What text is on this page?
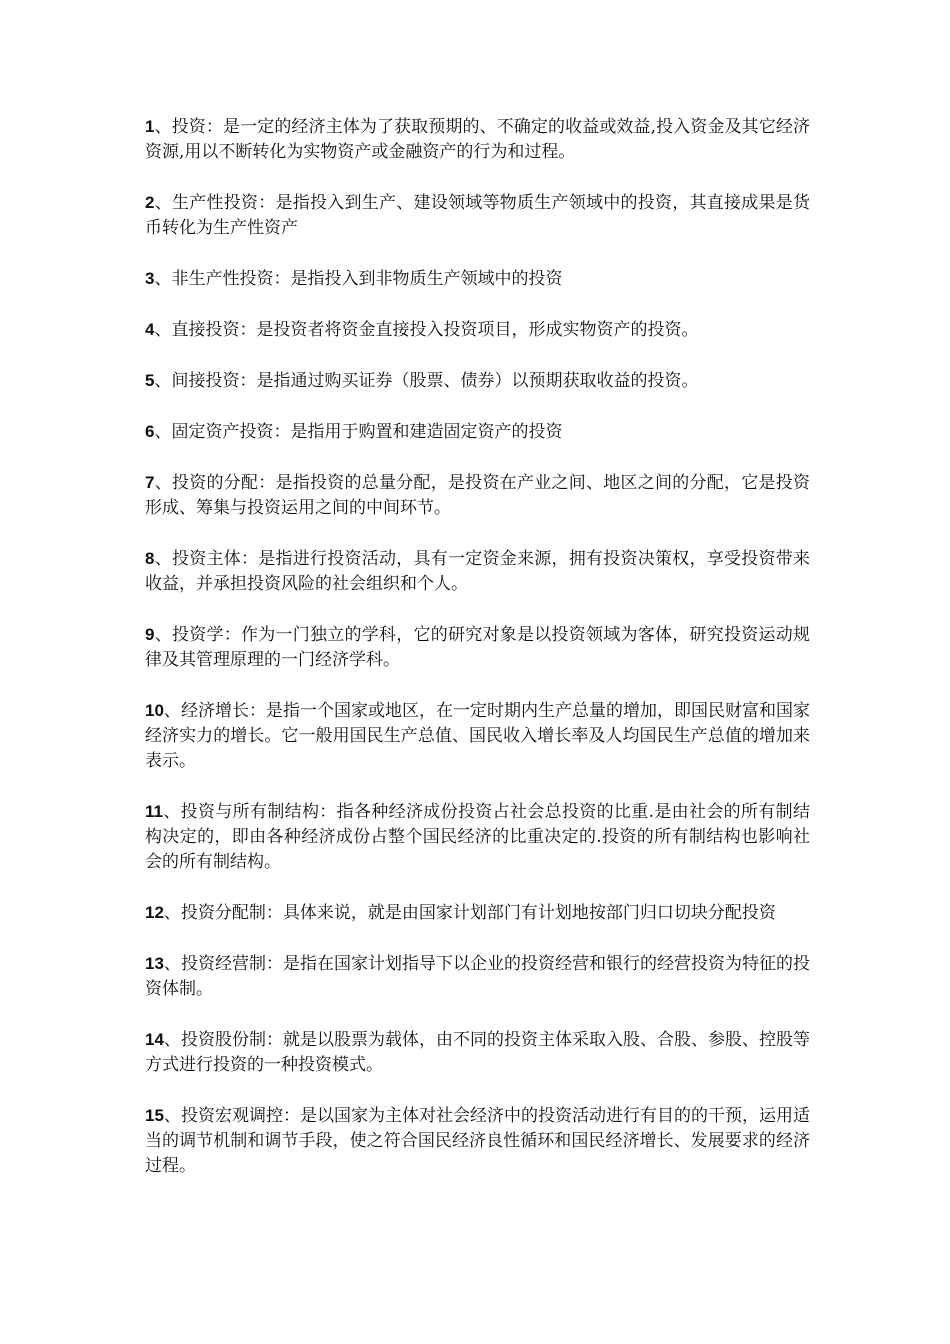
1、投资：是一定的经济主体为了获取预期的、不确定的收益或效益,投入资金及其它经济资源,用以不断转化为实物资产或金融资产的行为和过程。

2、生产性投资：是指投入到生产、建设领域等物质生产领域中的投资，其直接成果是货币转化为生产性资产

3、非生产性投资：是指投入到非物质生产领域中的投资

4、直接投资：是投资者将资金直接投入投资项目，形成实物资产的投资。

5、间接投资：是指通过购买证券（股票、债券）以预期获取收益的投资。

6、固定资产投资：是指用于购置和建造固定资产的投资

7、投资的分配：是指投资的总量分配，是投资在产业之间、地区之间的分配，它是投资形成、筹集与投资运用之间的中间环节。

8、投资主体：是指进行投资活动，具有一定资金来源，拥有投资决策权，享受投资带来收益，并承担投资风险的社会组织和个人。

9、投资学：作为一门独立的学科，它的研究对象是以投资领域为客体，研究投资运动规律及其管理原理的一门经济学科。

10、经济增长：是指一个国家或地区，在一定时期内生产总量的增加，即国民财富和国家经济实力的增长。它一般用国民生产总值、国民收入增长率及人均国民生产总值的增加来表示。

11、投资与所有制结构：指各种经济成份投资占社会总投资的比重.是由社会的所有制结构决定的，即由各种经济成份占整个国民经济的比重决定的.投资的所有制结构也影响社会的所有制结构。

12、投资分配制：具体来说，就是由国家计划部门有计划地按部门归口切块分配投资

13、投资经营制：是指在国家计划指导下以企业的投资经营和银行的经营投资为特征的投资体制。

14、投资股份制：就是以股票为载体，由不同的投资主体采取入股、合股、参股、控股等方式进行投资的一种投资模式。

15、投资宏观调控：是以国家为主体对社会经济中的投资活动进行有目的的干预，运用适当的调节机制和调节手段，使之符合国民经济良性循环和国民经济增长、发展要求的经济过程。
